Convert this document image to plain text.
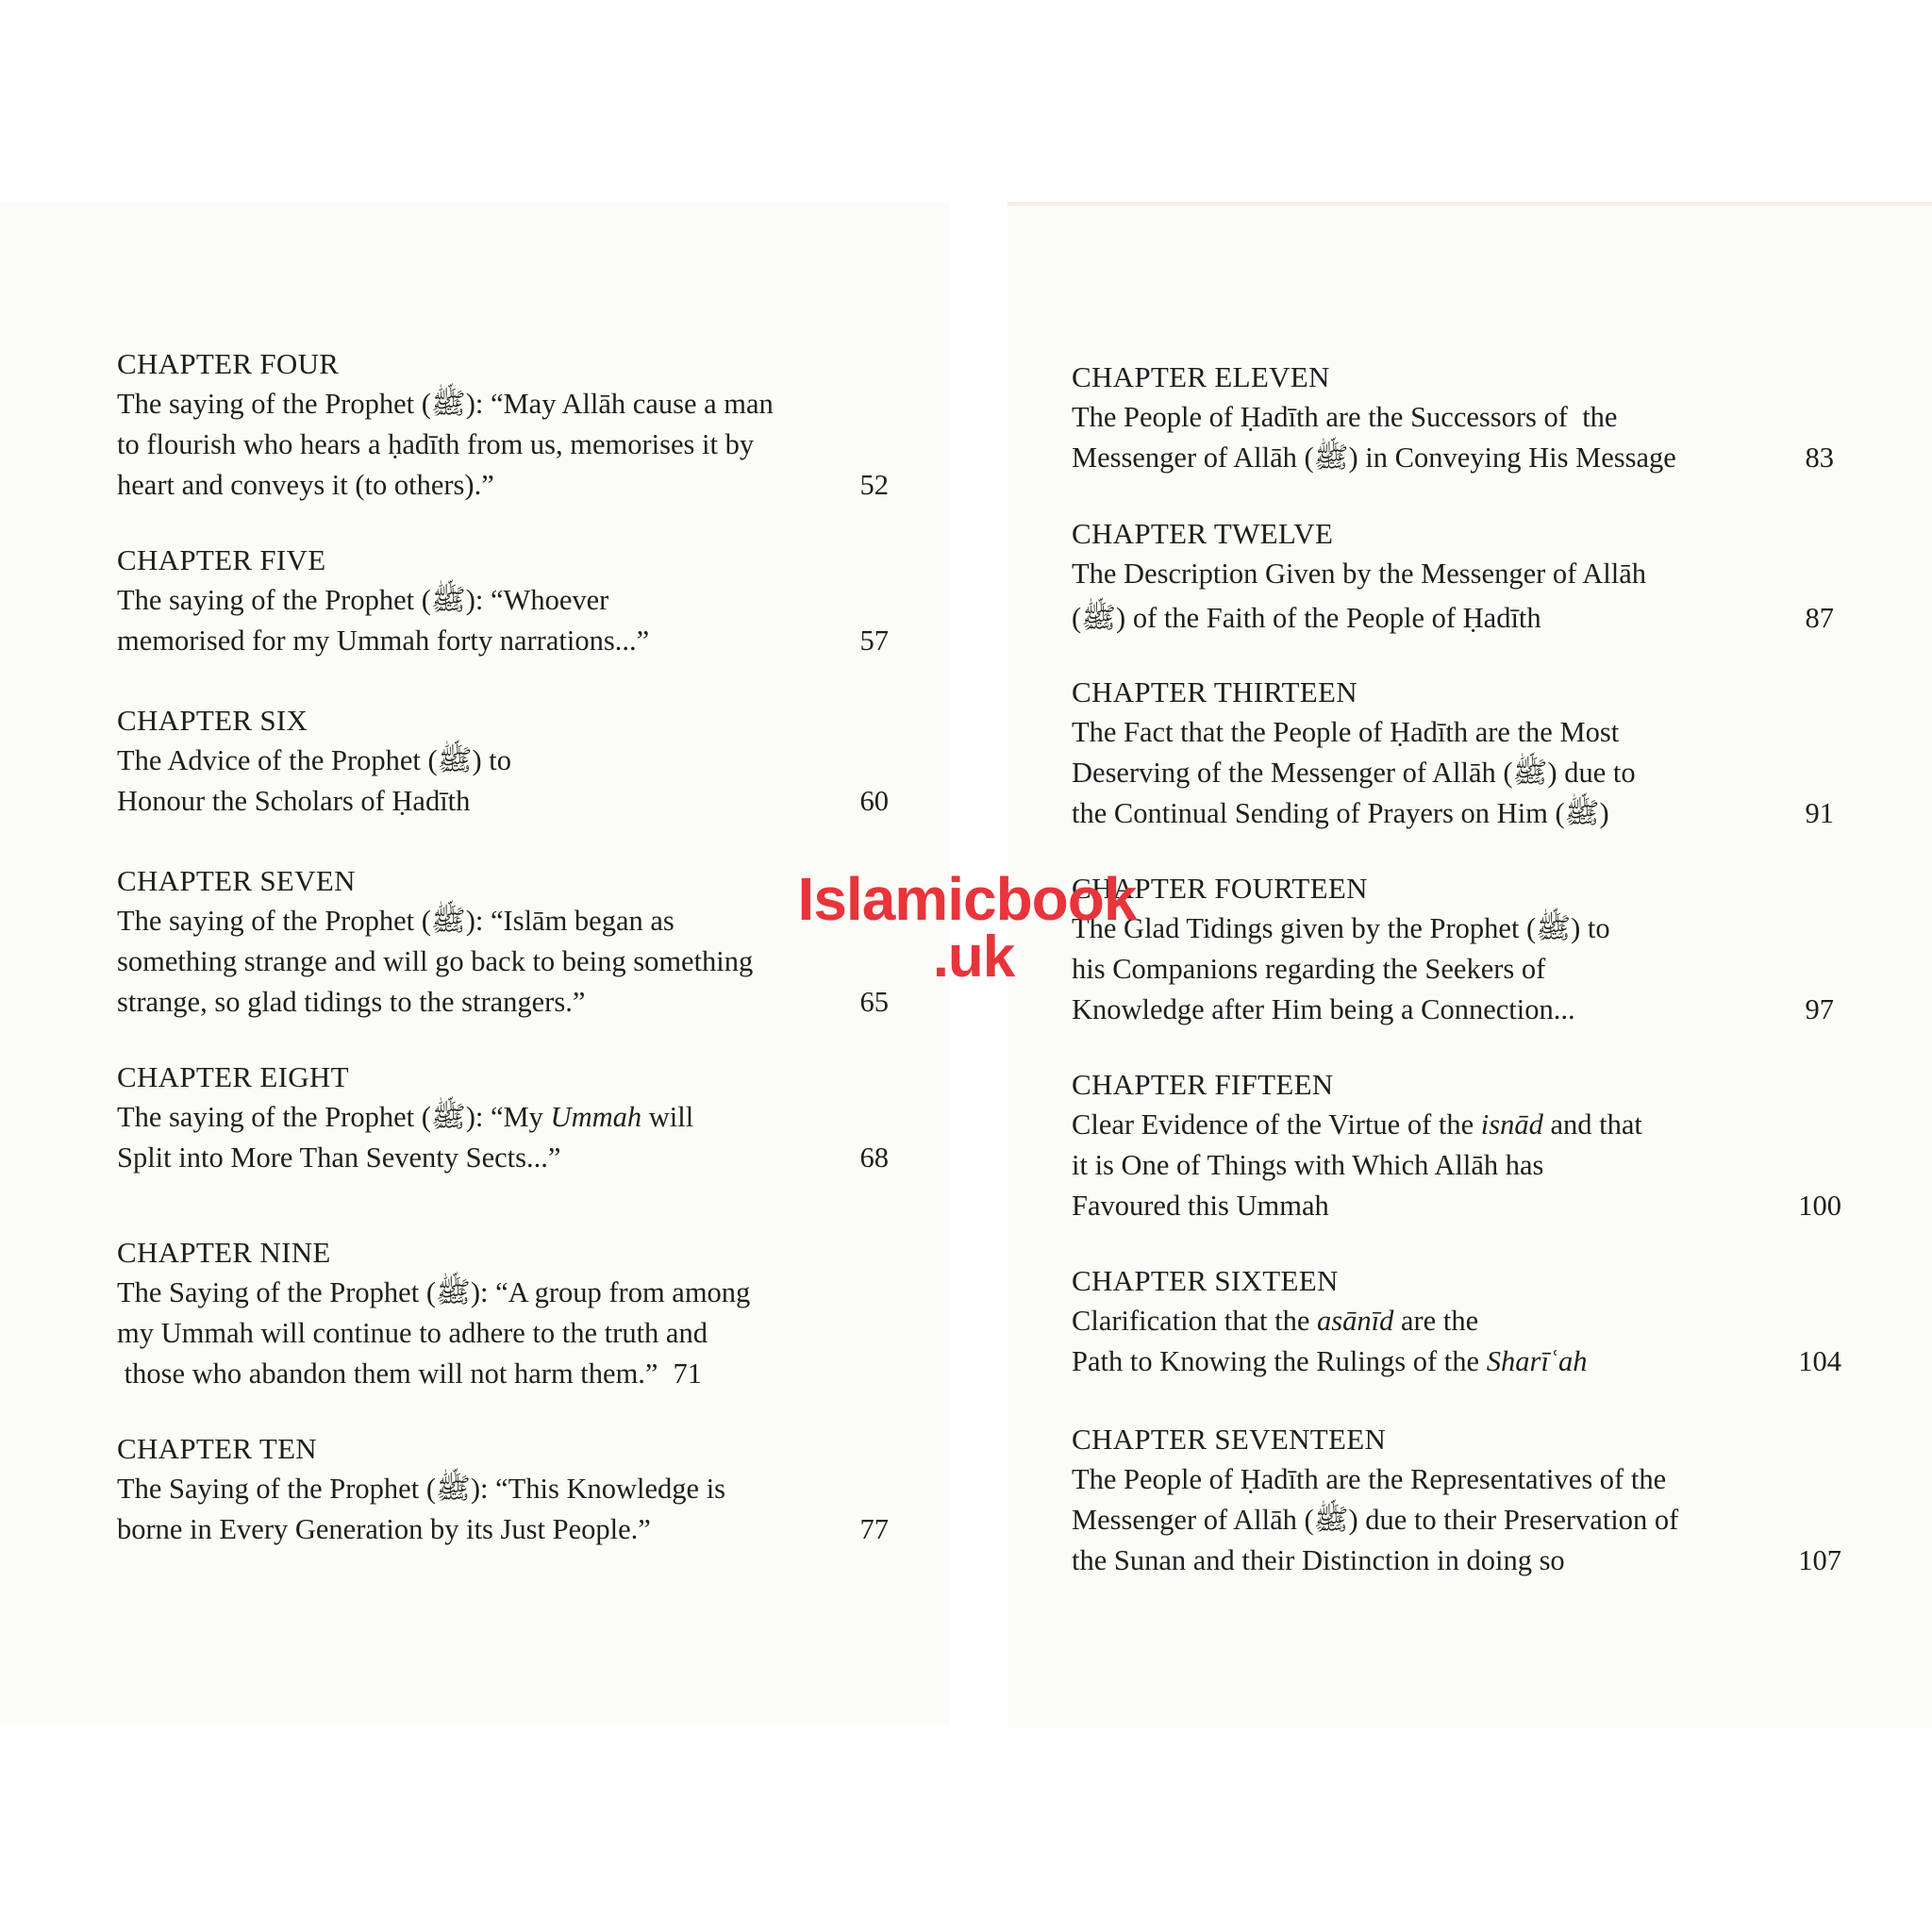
CHAPTER FOUR
The saying of the Prophet (ﷺ): “May Allāh cause a man
to flourish who hears a ḥadīth from us, memorises it by
heart and conveys it (to others).”	52
CHAPTER FIVE
The saying of the Prophet (ﷺ): “Whoever
memorised for my Ummah forty narrations...”	57
CHAPTER SIX
The Advice of the Prophet (ﷺ) to
Honour the Scholars of Ḥadīth	60
CHAPTER SEVEN
The saying of the Prophet (ﷺ): “Islām began as
something strange and will go back to being something
strange, so glad tidings to the strangers.”	65
CHAPTER EIGHT
The saying of the Prophet (ﷺ): “My Ummah will
Split into More Than Seventy Sects...”	68
CHAPTER NINE
The Saying of the Prophet (ﷺ): “A group from among
my Ummah will continue to adhere to the truth and
those who abandon them will not harm them.” 71
CHAPTER TEN
The Saying of the Prophet (ﷺ): “This Knowledge is
borne in Every Generation by its Just People.”	77
CHAPTER ELEVEN
The People of Ḥadīth are the Successors of  the
Messenger of Allāh (ﷺ) in Conveying His Message	83
CHAPTER TWELVE
The Description Given by the Messenger of Allāh
(ﷺ) of the Faith of the People of Ḥadīth	87
CHAPTER THIRTEEN
The Fact that the People of Ḥadīth are the Most
Deserving of the Messenger of Allāh (ﷺ) due to
the Continual Sending of Prayers on Him (ﷺ)	91
CHAPTER FOURTEEN
The Glad Tidings given by the Prophet (ﷺ) to
his Companions regarding the Seekers of
Knowledge after Him being a Connection...	97
CHAPTER FIFTEEN
Clear Evidence of the Virtue of the isnād and that
it is One of Things with Which Allāh has
Favoured this Ummah	100
CHAPTER SIXTEEN
Clarification that the asānīd are the
Path to Knowing the Rulings of the Sharīʿah	104
CHAPTER SEVENTEEN
The People of Ḥadīth are the Representatives of the
Messenger of Allāh (ﷺ) due to their Preservation of
the Sunan and their Distinction in doing so	107
Islamicbook
.uk
